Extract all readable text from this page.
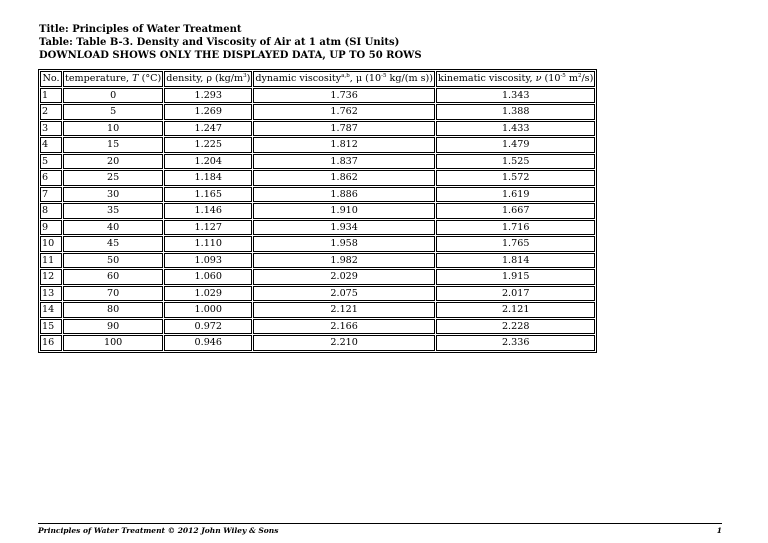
Title: Principles of Water Treatment
Table: Table B-3. Density and Viscosity of Air at 1 atm (SI Units)
DOWNLOAD SHOWS ONLY THE DISPLAYED DATA, UP TO 50 ROWS
No.	temperature, T (°C)	density, ρ $(kg/m^3)$	dynamic viscosity$^{a,b}$, μ ($10^{-5}$ kg/(m s))	kinematic viscosity, ν ($10^{-5}$ $m^2/s$)
1	0	1.293	1.736	1.343
2	5	1.269	1.762	1.388
3	10	1.247	1.787	1.433
4	15	1.225	1.812	1.479
5	20	1.204	1.837	1.525
6	25	1.184	1.862	1.572
7	30	1.165	1.886	1.619
8	35	1.146	1.910	1.667
9	40	1.127	1.934	1.716
10	45	1.110	1.958	1.765
11	50	1.093	1.982	1.814
12	60	1.060	2.029	1.915
13	70	1.029	2.075	2.017
14	80	1.000	2.121	2.121
15	90	0.972	2.166	2.228
16	100	0.946	2.210	2.336
Principles of Water Treatment © 2012 John Wiley & Sons	1
